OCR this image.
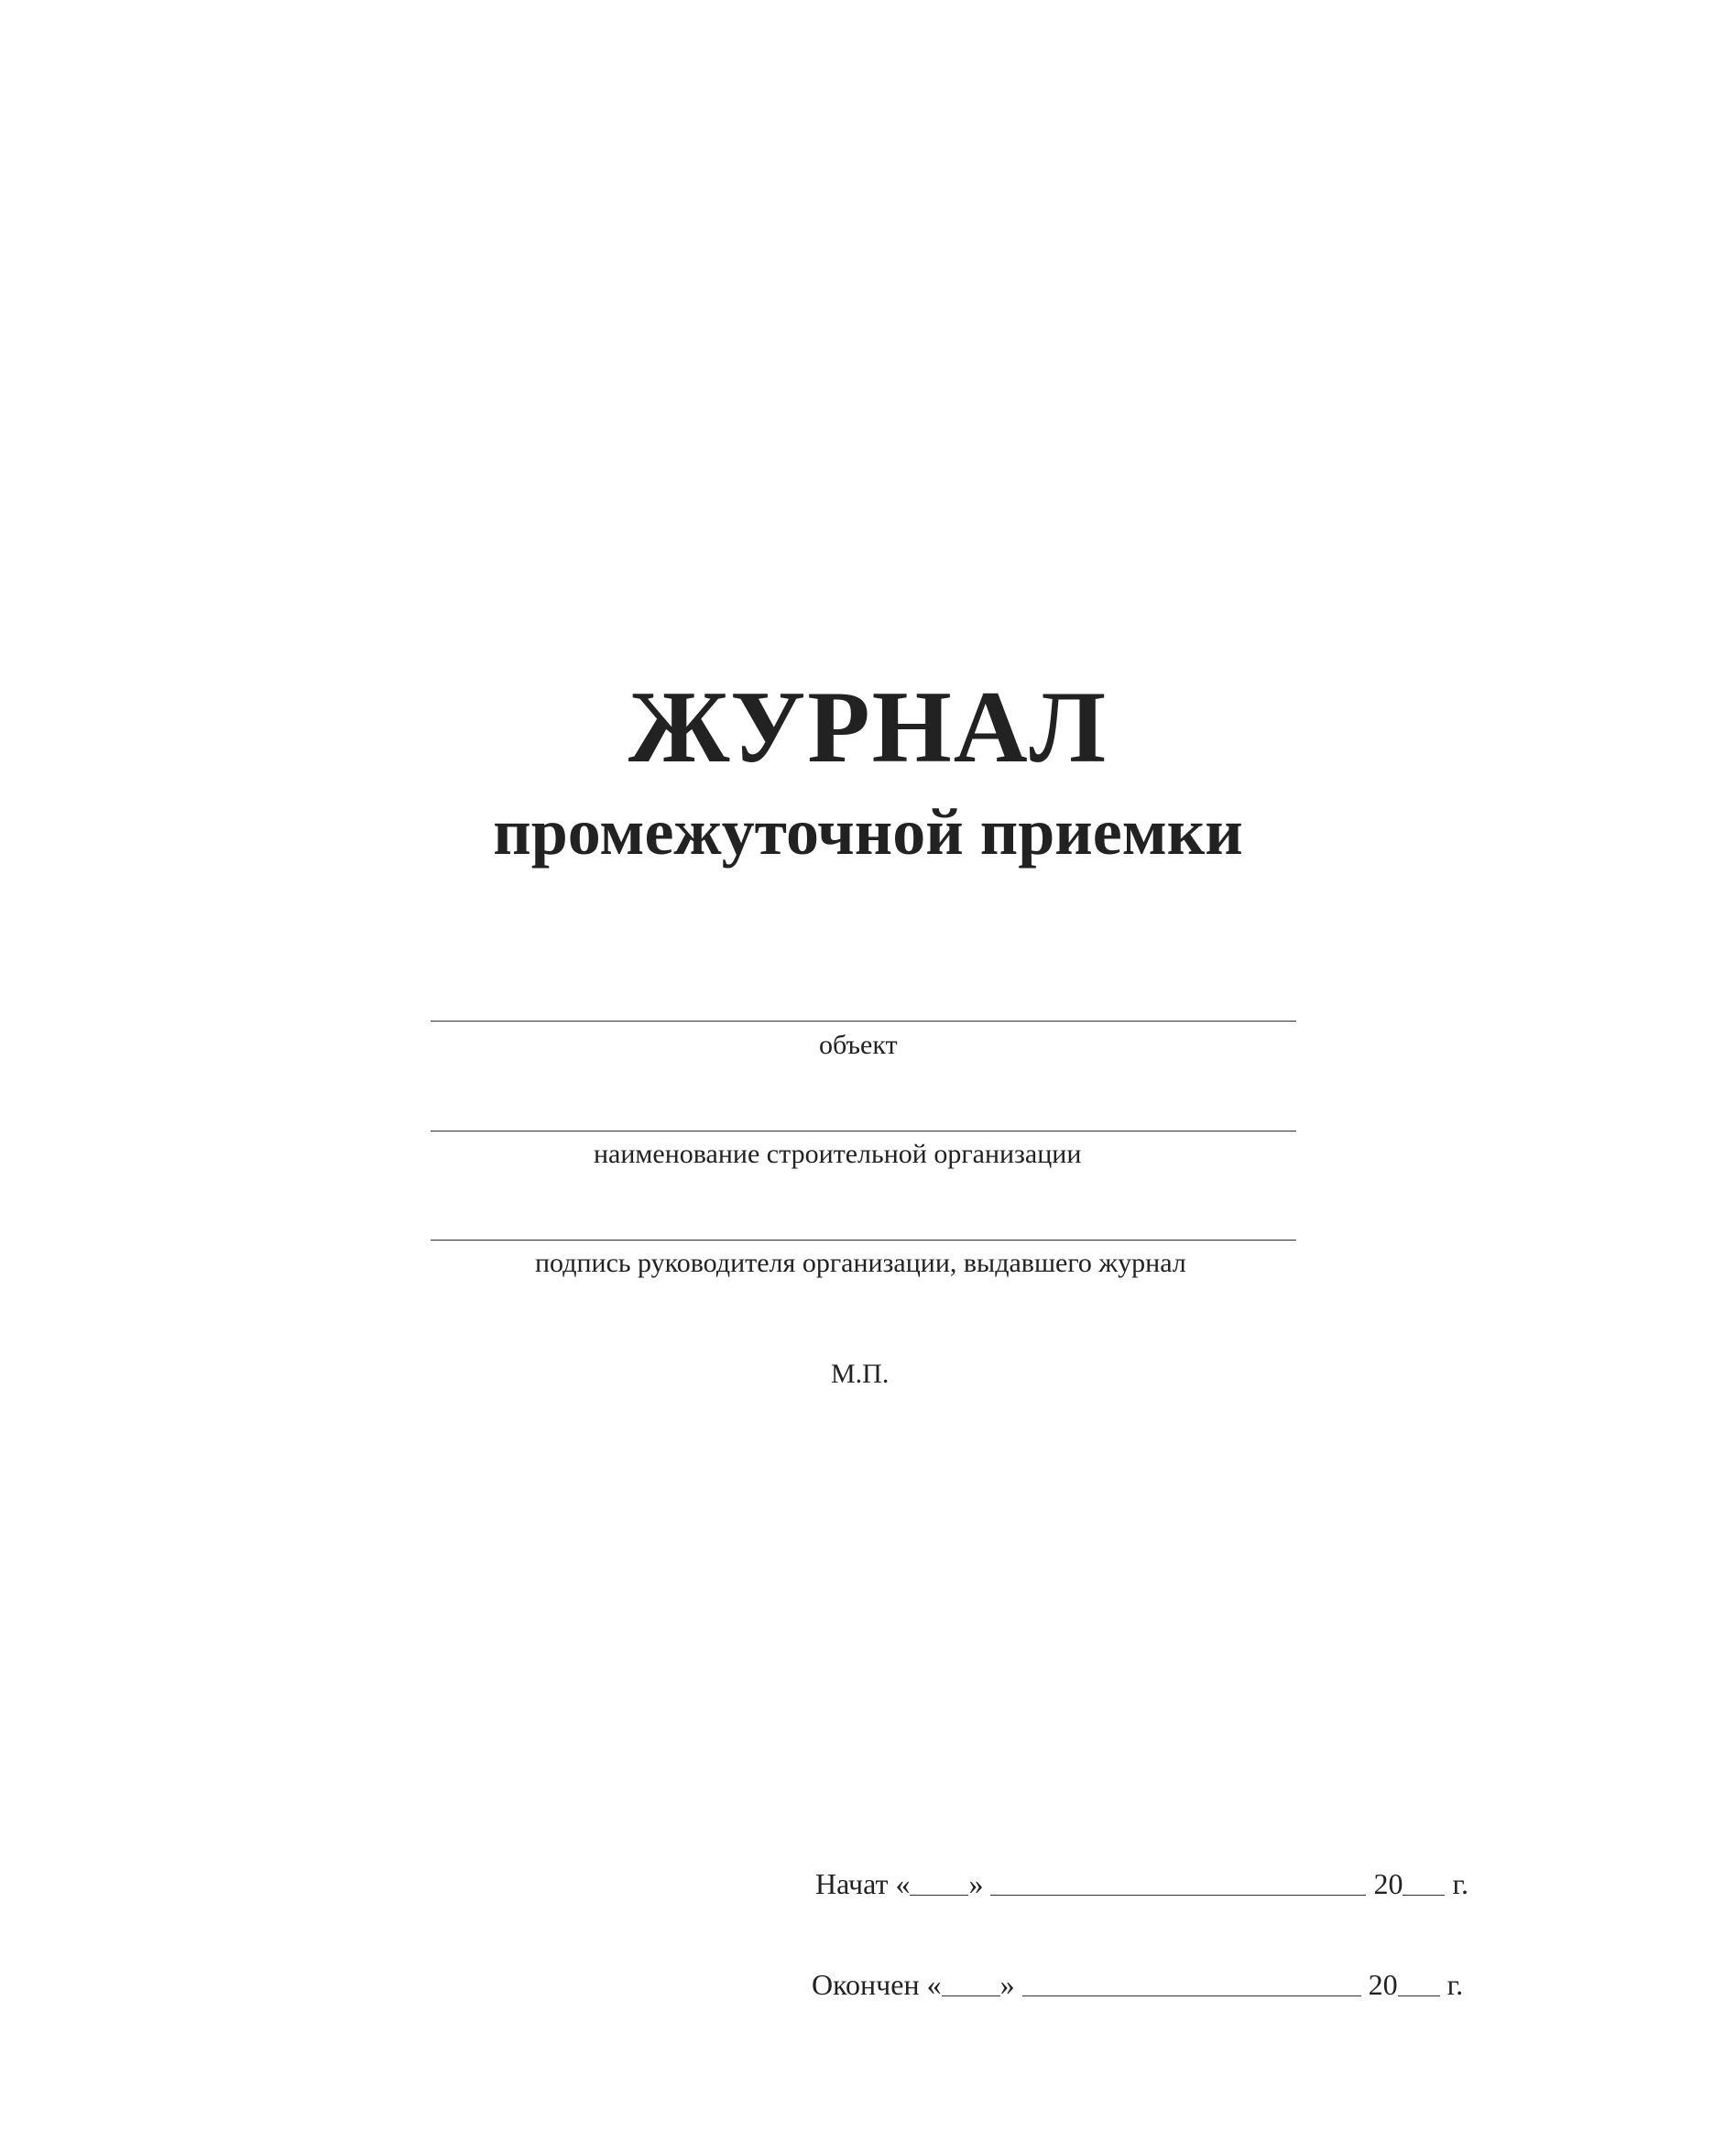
ЖУРНАЛ
промежуточной приемки
объект
наименование строительной организации
подпись руководителя организации, выдавшего журнал
М.П.
Начат « »	20 г.
Окончен « »	20 г.
